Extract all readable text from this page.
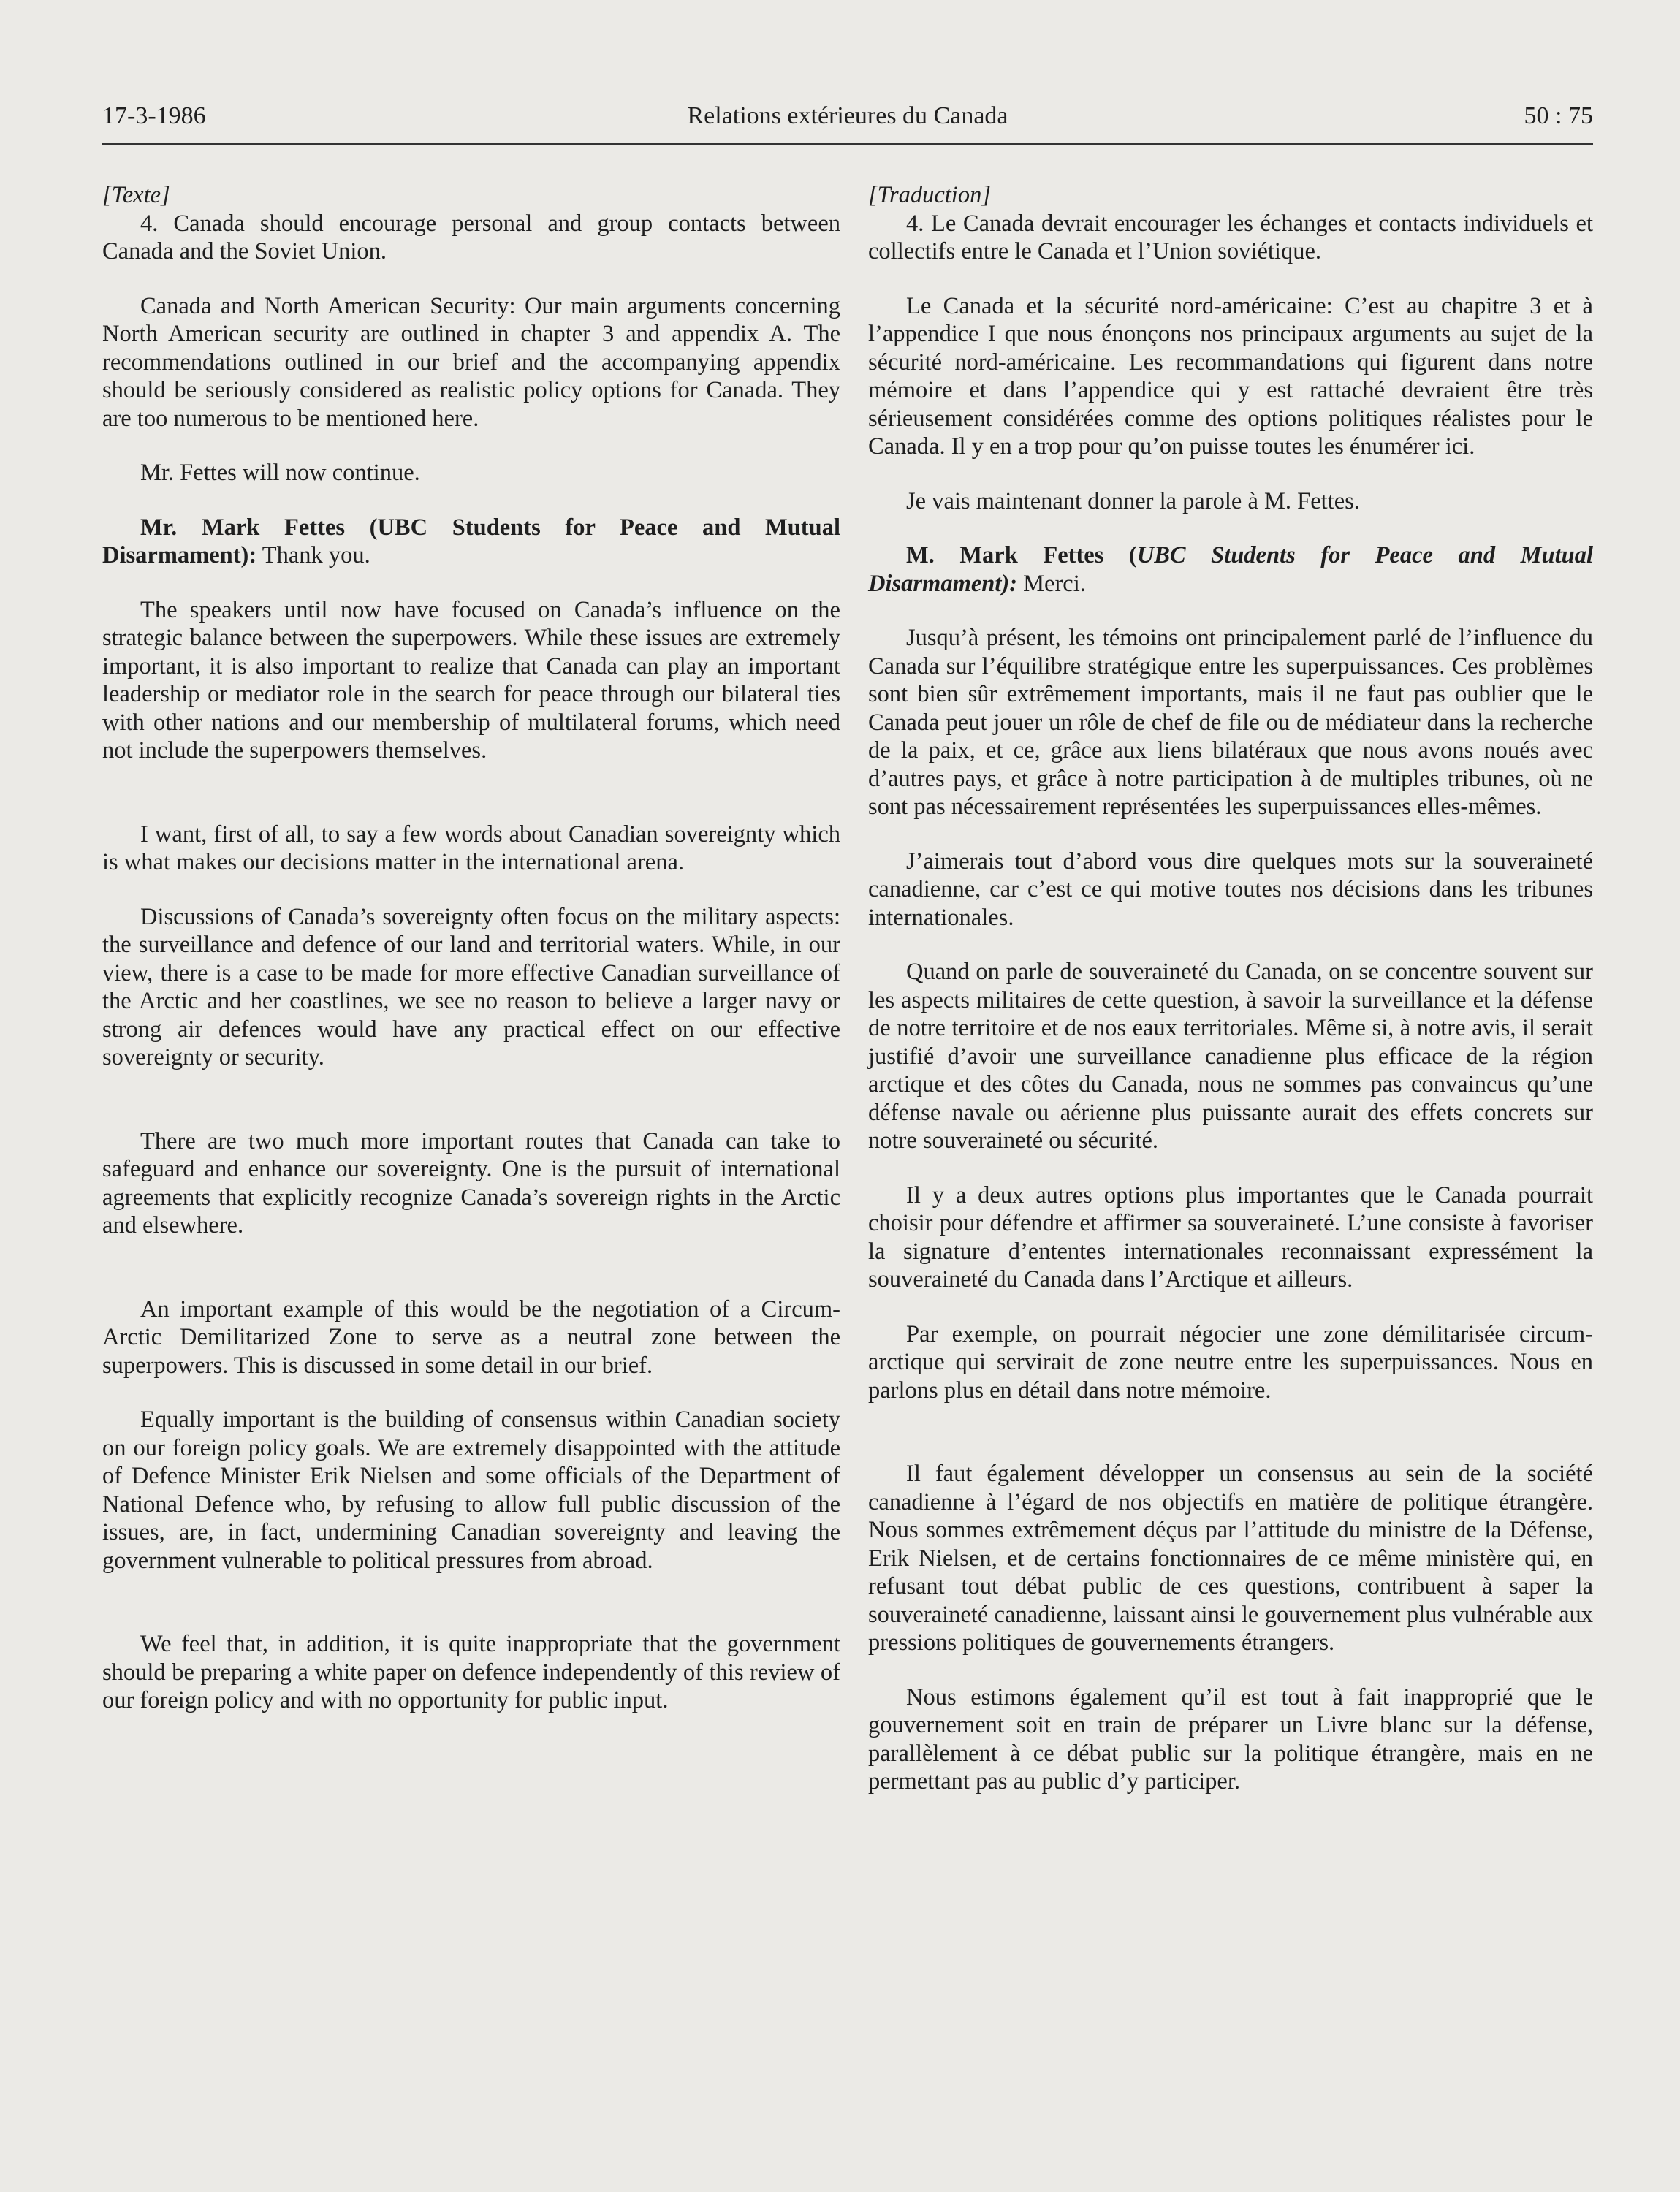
17-3-1986	Relations extérieures du Canada	50 : 75

[Texte]

4. Canada should encourage personal and group contacts between Canada and the Soviet Union.

Canada and North American Security: Our main arguments concerning North American security are outlined in chapter 3 and appendix A. The recommendations outlined in our brief and the accompanying appendix should be seriously considered as realistic policy options for Canada. They are too numerous to be mentioned here.

Mr. Fettes will now continue.

Mr. Mark Fettes (UBC Students for Peace and Mutual Disarmament): Thank you.

The speakers until now have focused on Canada’s influence on the strategic balance between the superpowers. While these issues are extremely important, it is also important to realize that Canada can play an important leadership or mediator role in the search for peace through our bilateral ties with other nations and our membership of multilateral forums, which need not include the superpowers themselves.

I want, first of all, to say a few words about Canadian sovereignty which is what makes our decisions matter in the international arena.

Discussions of Canada’s sovereignty often focus on the military aspects: the surveillance and defence of our land and territorial waters. While, in our view, there is a case to be made for more effective Canadian surveillance of the Arctic and her coastlines, we see no reason to believe a larger navy or strong air defences would have any practical effect on our effective sovereignty or security.

There are two much more important routes that Canada can take to safeguard and enhance our sovereignty. One is the pursuit of international agreements that explicitly recognize Canada’s sovereign rights in the Arctic and elsewhere.

An important example of this would be the negotiation of a Circum-Arctic Demilitarized Zone to serve as a neutral zone between the superpowers. This is discussed in some detail in our brief.

Equally important is the building of consensus within Canadian society on our foreign policy goals. We are extremely disappointed with the attitude of Defence Minister Erik Nielsen and some officials of the Department of National Defence who, by refusing to allow full public discussion of the issues, are, in fact, undermining Canadian sovereignty and leaving the government vulnerable to political pressures from abroad.

We feel that, in addition, it is quite inappropriate that the government should be preparing a white paper on defence independently of this review of our foreign policy and with no opportunity for public input.

[Traduction]

4. Le Canada devrait encourager les échanges et contacts individuels et collectifs entre le Canada et l’Union soviétique.

Le Canada et la sécurité nord-américaine: C’est au chapitre 3 et à l’appendice I que nous énonçons nos principaux arguments au sujet de la sécurité nord-américaine. Les recommandations qui figurent dans notre mémoire et dans l’appendice qui y est rattaché devraient être très sérieusement considérées comme des options politiques réalistes pour le Canada. Il y en a trop pour qu’on puisse toutes les énumérer ici.

Je vais maintenant donner la parole à M. Fettes.

M. Mark Fettes (UBC Students for Peace and Mutual Disarmament): Merci.

Jusqu’à présent, les témoins ont principalement parlé de l’influence du Canada sur l’équilibre stratégique entre les superpuissances. Ces problèmes sont bien sûr extrêmement importants, mais il ne faut pas oublier que le Canada peut jouer un rôle de chef de file ou de médiateur dans la recherche de la paix, et ce, grâce aux liens bilatéraux que nous avons noués avec d’autres pays, et grâce à notre participation à de multiples tribunes, où ne sont pas nécessairement représentées les superpuissances elles-mêmes.

J’aimerais tout d’abord vous dire quelques mots sur la souveraineté canadienne, car c’est ce qui motive toutes nos décisions dans les tribunes internationales.

Quand on parle de souveraineté du Canada, on se concentre souvent sur les aspects militaires de cette question, à savoir la surveillance et la défense de notre territoire et de nos eaux territoriales. Même si, à notre avis, il serait justifié d’avoir une surveillance canadienne plus efficace de la région arctique et des côtes du Canada, nous ne sommes pas convaincus qu’une défense navale ou aérienne plus puissante aurait des effets concrets sur notre souveraineté ou sécurité.

Il y a deux autres options plus importantes que le Canada pourrait choisir pour défendre et affirmer sa souveraineté. L’une consiste à favoriser la signature d’ententes internationales reconnaissant expressément la souveraineté du Canada dans l’Arctique et ailleurs.

Par exemple, on pourrait négocier une zone démilitarisée circum-arctique qui servirait de zone neutre entre les superpuissances. Nous en parlons plus en détail dans notre mémoire.

Il faut également développer un consensus au sein de la société canadienne à l’égard de nos objectifs en matière de politique étrangère. Nous sommes extrêmement déçus par l’attitude du ministre de la Défense, Erik Nielsen, et de certains fonctionnaires de ce même ministère qui, en refusant tout débat public de ces questions, contribuent à saper la souveraineté canadienne, laissant ainsi le gouvernement plus vulnérable aux pressions politiques de gouvernements étrangers.

Nous estimons également qu’il est tout à fait inapproprié que le gouvernement soit en train de préparer un Livre blanc sur la défense, parallèlement à ce débat public sur la politique étrangère, mais en ne permettant pas au public d’y participer.
